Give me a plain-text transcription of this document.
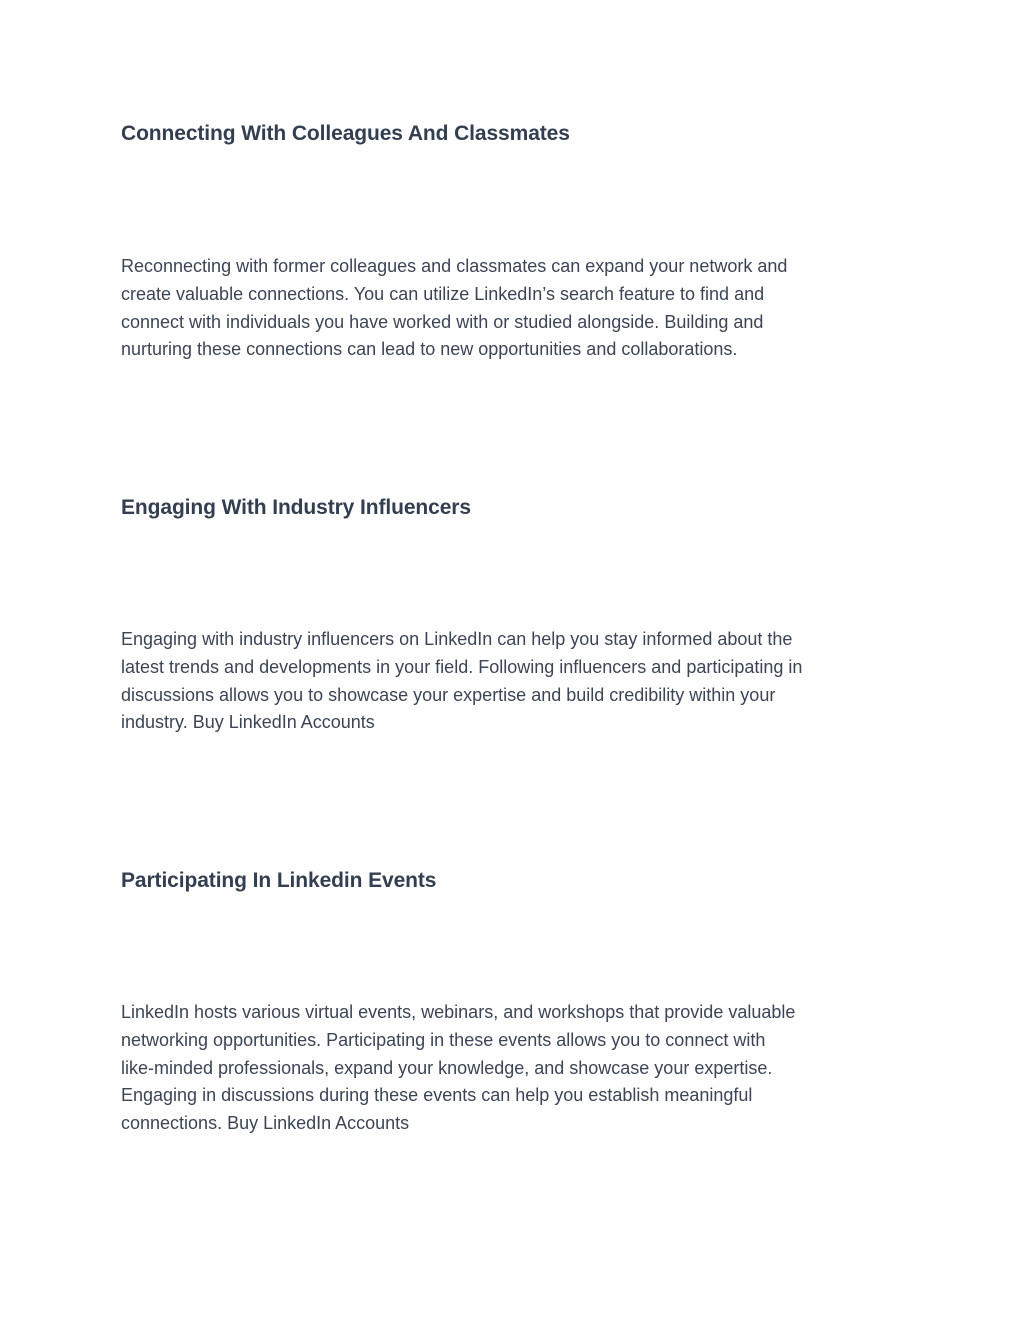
Connecting With Colleagues And Classmates

Reconnecting with former colleagues and classmates can expand your network and
create valuable connections. You can utilize LinkedIn’s search feature to find and
connect with individuals you have worked with or studied alongside. Building and
nurturing these connections can lead to new opportunities and collaborations.

Engaging With Industry Influencers

Engaging with industry influencers on LinkedIn can help you stay informed about the
latest trends and developments in your field. Following influencers and participating in
discussions allows you to showcase your expertise and build credibility within your
industry. Buy LinkedIn Accounts

Participating In Linkedin Events

LinkedIn hosts various virtual events, webinars, and workshops that provide valuable
networking opportunities. Participating in these events allows you to connect with
like-minded professionals, expand your knowledge, and showcase your expertise.
Engaging in discussions during these events can help you establish meaningful
connections. Buy LinkedIn Accounts
